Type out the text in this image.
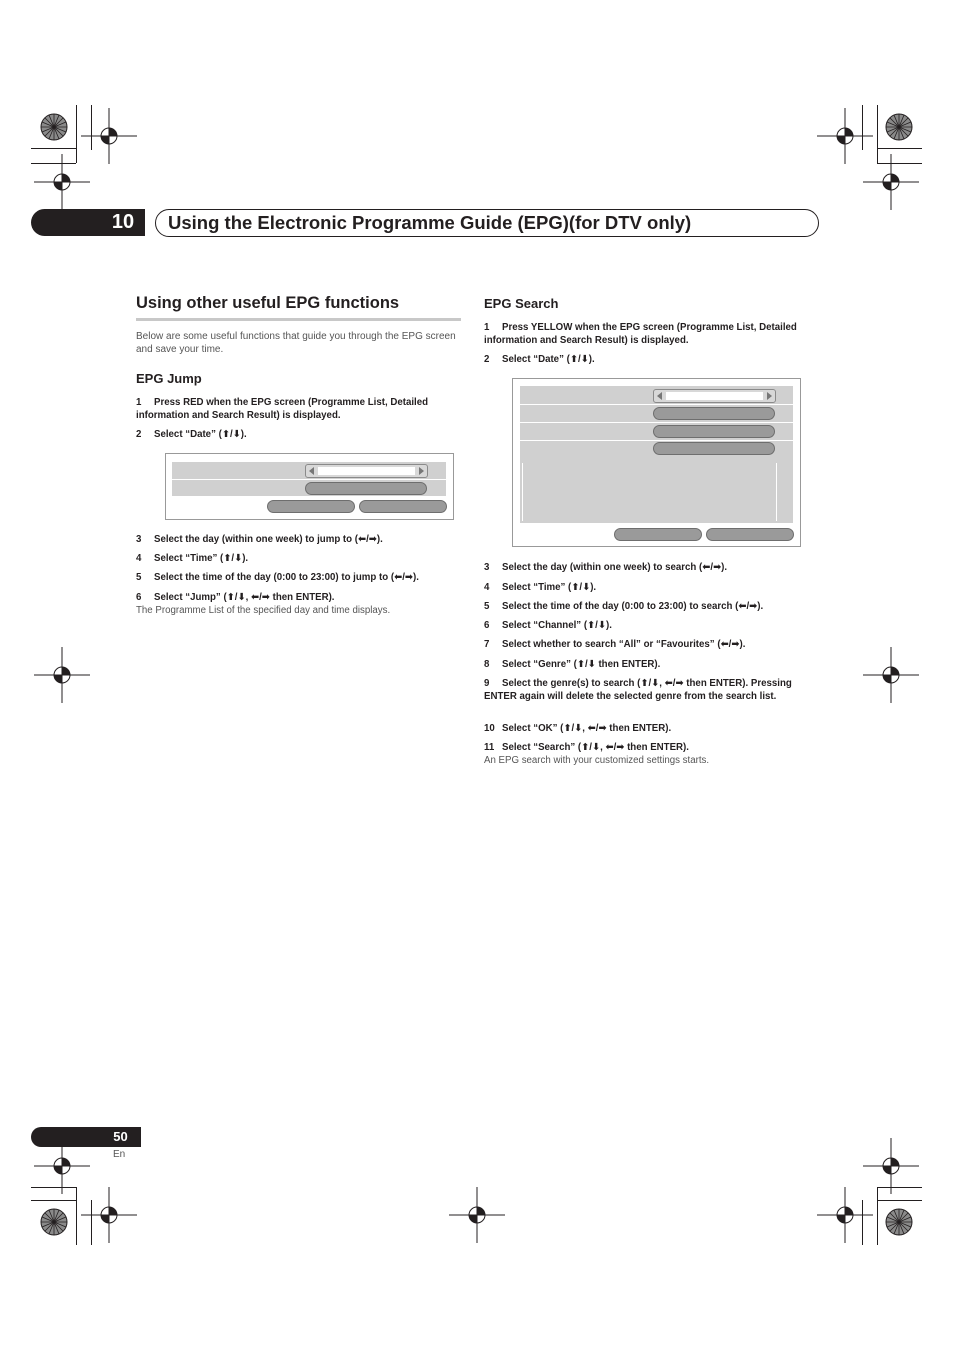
10	Using the Electronic Programme Guide (EPG)(for DTV only)
Using other useful EPG functions
Below are some useful functions that guide you through the EPG screen and save your time.
EPG Jump
1 Press RED when the EPG screen (Programme List, Detailed information and Search Result) is displayed.
2 Select “Date” (⬆/⬇).
3 Select the day (within one week) to jump to (⬅/➡).
4 Select “Time” (⬆/⬇).
5 Select the time of the day (0:00 to 23:00) to jump to (⬅/➡).
6 Select “Jump” (⬆/⬇, ⬅/➡ then ENTER).
The Programme List of the specified day and time displays.
EPG Search
1 Press YELLOW when the EPG screen (Programme List, Detailed information and Search Result) is displayed.
2 Select “Date” (⬆/⬇).
3 Select the day (within one week) to search (⬅/➡).
4 Select “Time” (⬆/⬇).
5 Select the time of the day (0:00 to 23:00) to search (⬅/➡).
6 Select “Channel” (⬆/⬇).
7 Select whether to search “All” or “Favourites” (⬅/➡).
8 Select “Genre” (⬆/⬇ then ENTER).
9 Select the genre(s) to search (⬆/⬇, ⬅/➡ then ENTER). Pressing ENTER again will delete the selected genre from the search list.
10 Select “OK” (⬆/⬇, ⬅/➡ then ENTER).
11 Select “Search” (⬆/⬇, ⬅/➡ then ENTER).
An EPG search with your customized settings starts.
50
En
